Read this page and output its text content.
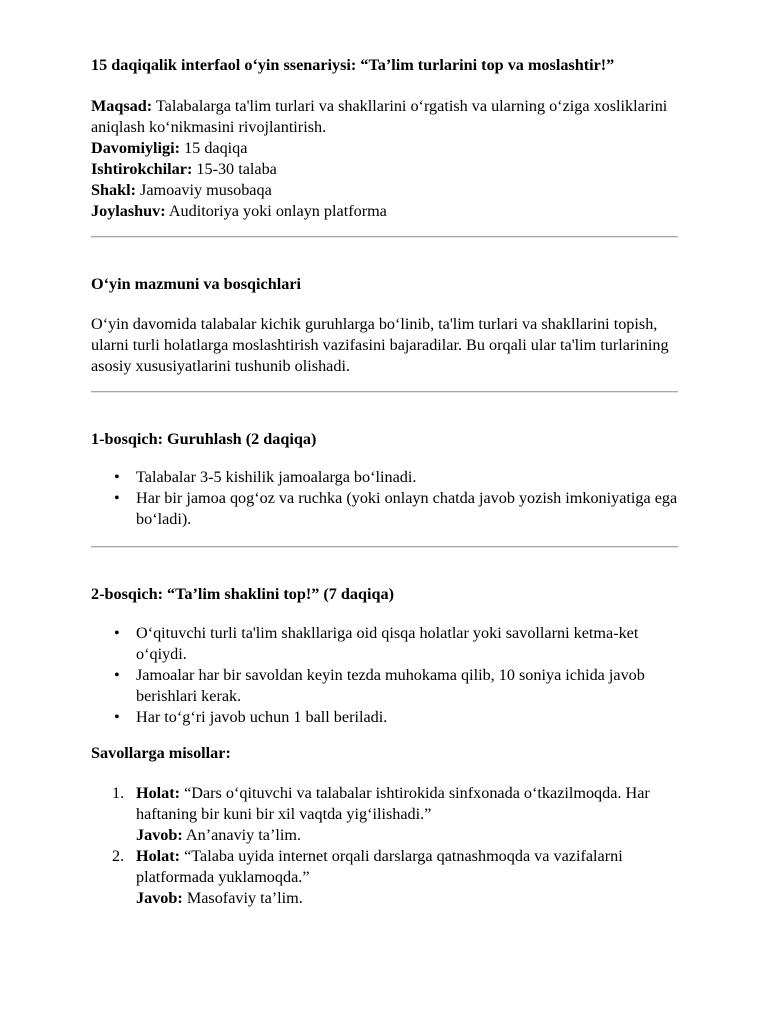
15 daqiqalik interfaol o‘yin ssenariysi: “Ta’lim turlarini top va moslashtir!”

Maqsad: Talabalarga ta'lim turlari va shakllarini o‘rgatish va ularning o‘ziga xosliklarini aniqlash ko‘nikmasini rivojlantirish.

Davomiyligi: 15 daqiqa

Ishtirokchilar: 15-30 talaba

Shakl: Jamoaviy musobaqa

Joylashuv: Auditoriya yoki onlayn platforma

O‘yin mazmuni va bosqichlari

O‘yin davomida talabalar kichik guruhlarga bo‘linib, ta'lim turlari va shakllarini topish, ularni turli holatlarga moslashtirish vazifasini bajaradilar. Bu orqali ular ta'lim turlarining asosiy xususiyatlarini tushunib olishadi.

1-bosqich: Guruhlash (2 daqiqa)

• Talabalar 3-5 kishilik jamoalarga bo‘linadi.
• Har bir jamoa qog‘oz va ruchka (yoki onlayn chatda javob yozish imkoniyatiga ega bo‘ladi).

2-bosqich: “Ta’lim shaklini top!” (7 daqiqa)

• O‘qituvchi turli ta'lim shakllariga oid qisqa holatlar yoki savollarni ketma-ket o‘qiydi.
• Jamoalar har bir savoldan keyin tezda muhokama qilib, 10 soniya ichida javob berishlari kerak.
• Har to‘g‘ri javob uchun 1 ball beriladi.

Savollarga misollar:

1. Holat: “Dars o‘qituvchi va talabalar ishtirokida sinfxonada o‘tkazilmoqda. Har haftaning bir kuni bir xil vaqtda yig‘ilishadi.”
Javob: An’anaviy ta’lim.
2. Holat: “Talaba uyida internet orqali darslarga qatnashmoqda va vazifalarni platformada yuklamoqda.”
Javob: Masofaviy ta’lim.
